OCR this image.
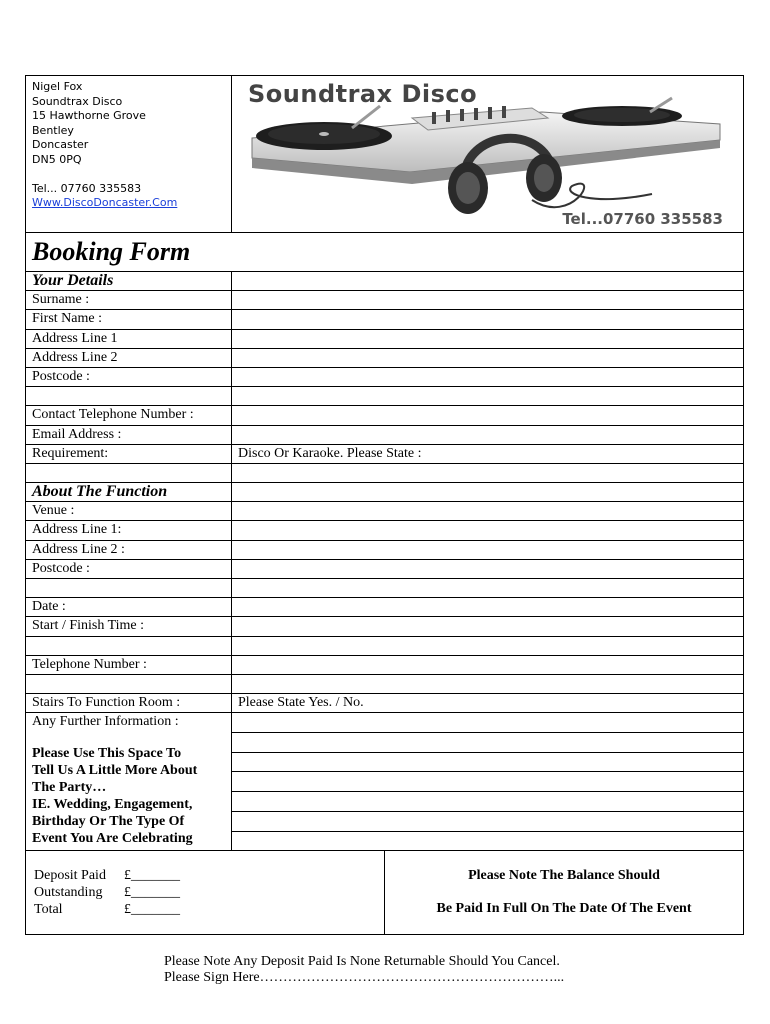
Nigel Fox
Soundtrax Disco
15 Hawthorne Grove
Bentley
Doncaster
DN5 0PQ
Tel... 07760 335583
Www.DiscoDoncaster.Com
Soundtrax Disco
Tel...07760 335583
Booking Form
Your Details
Surname :
First Name :
Address Line 1
Address Line 2
Postcode :
Contact Telephone Number :
Email Address :
Requirement:	Disco Or Karaoke. Please State :
About The Function
Venue :
Address Line 1:
Address Line 2 :
Postcode :
Date :
Start / Finish Time :
Telephone Number :
Stairs To Function Room :	Please State Yes. / No.
Any Further Information :
Please Use This Space To
Tell Us A Little More About
The Party…
IE. Wedding, Engagement,
Birthday Or The Type Of
Event You Are Celebrating
Deposit Paid	£_______
Outstanding	£_______
Total	£_______
Please Note The Balance Should
Be Paid In Full On The Date Of The Event
Please Note Any Deposit Paid Is None Returnable Should You Cancel.
Please Sign Here………………………………………………………...
